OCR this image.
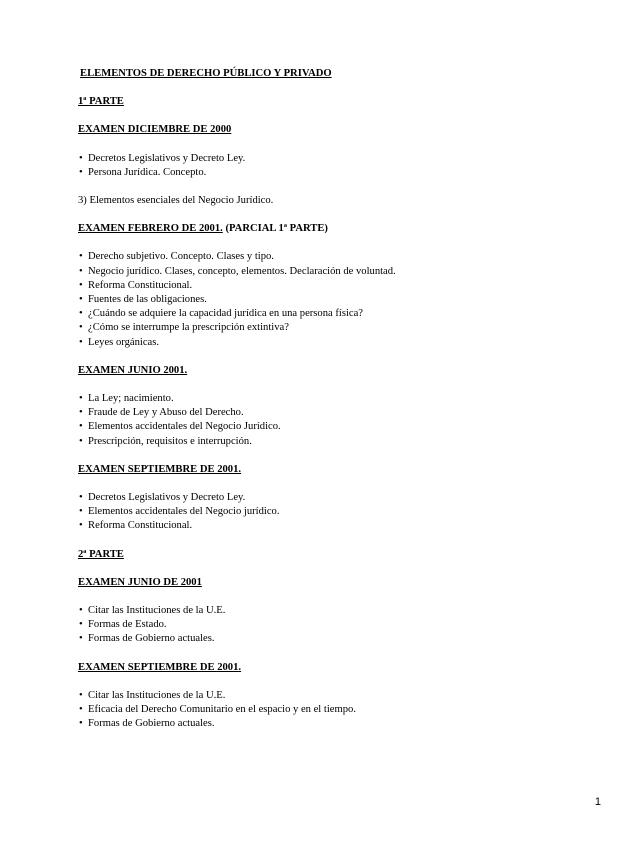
ELEMENTOS DE DERECHO PÚBLICO Y PRIVADO
1ª PARTE
EXAMEN DICIEMBRE DE 2000
• Decretos Legislativos y Decreto Ley.
• Persona Jurídica. Concepto.
3) Elementos esenciales del Negocio Jurídico.
EXAMEN FEBRERO DE 2001. (PARCIAL 1ª PARTE)
• Derecho subjetivo. Concepto. Clases y tipo.
• Negocio jurídico. Clases, concepto, elementos. Declaración de voluntad.
• Reforma Constitucional.
• Fuentes de las obligaciones.
• ¿Cuándo se adquiere la capacidad jurídica en una persona física?
• ¿Cómo se interrumpe la prescripción extintiva?
• Leyes orgánicas.
EXAMEN JUNIO 2001.
• La Ley; nacimiento.
• Fraude de Ley y Abuso del Derecho.
• Elementos accidentales del Negocio Jurídico.
• Prescripción, requisitos e interrupción.
EXAMEN SEPTIEMBRE DE 2001.
• Decretos Legislativos y Decreto Ley.
• Elementos accidentales del Negocio jurídico.
• Reforma Constitucional.
2ª PARTE
EXAMEN JUNIO DE 2001
• Citar las Instituciones de la U.E.
• Formas de Estado.
• Formas de Gobierno actuales.
EXAMEN SEPTIEMBRE DE 2001.
• Citar las Instituciones de la U.E.
• Eficacia del Derecho Comunitario en el espacio y en el tiempo.
• Formas de Gobierno actuales.
1
